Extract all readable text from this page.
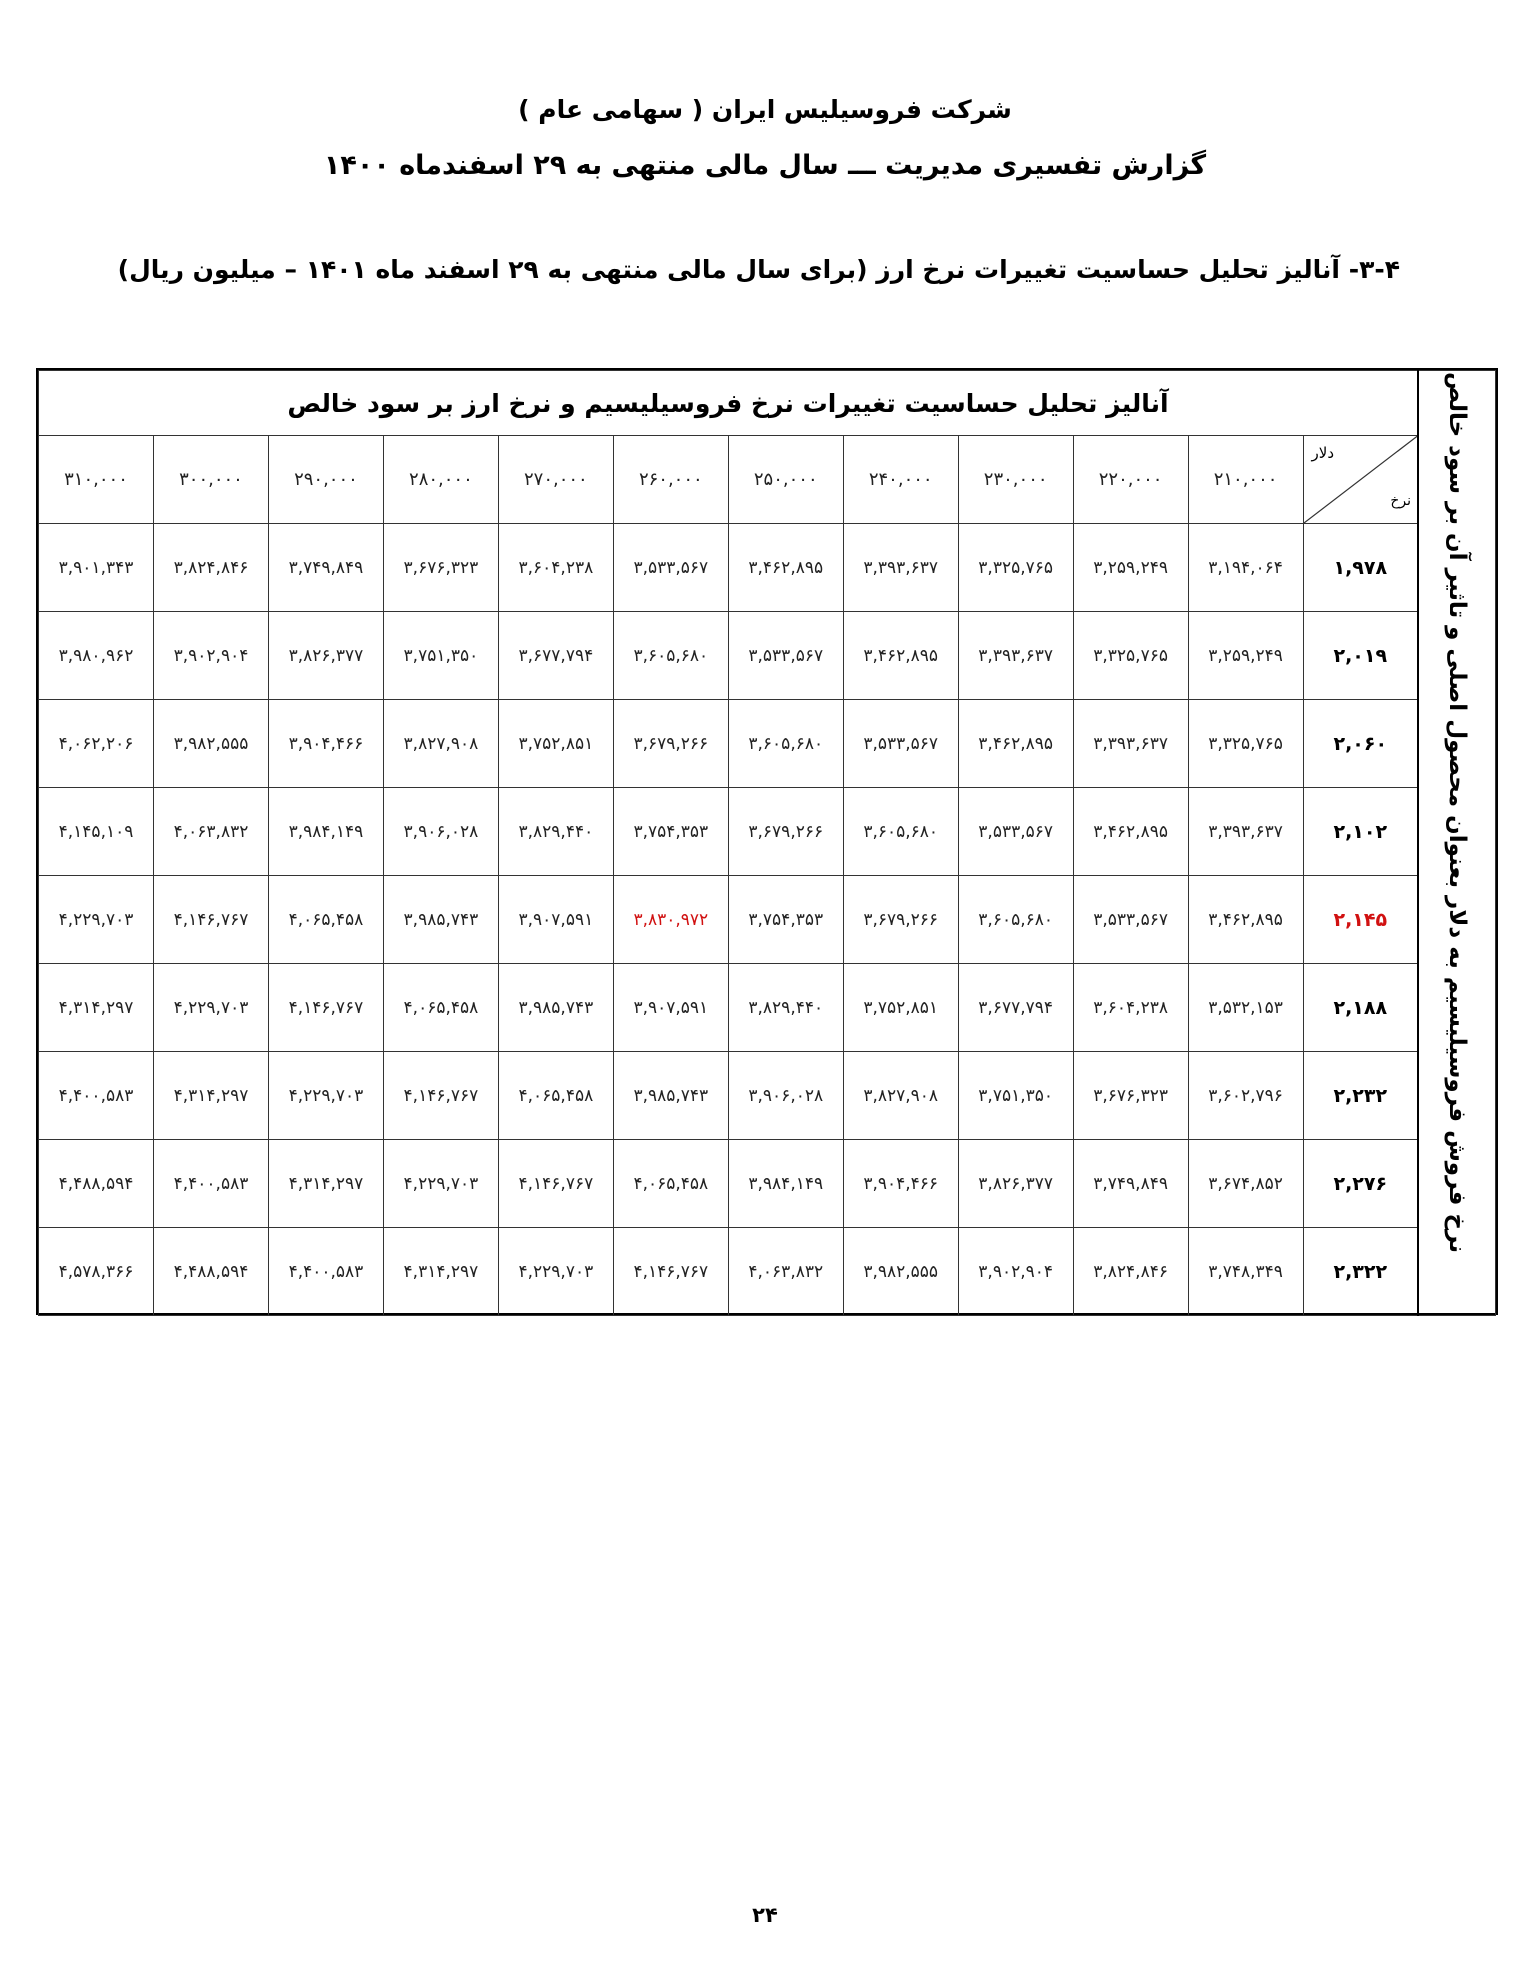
شرکت فروسیلیس ایران ( سهامی عام )
گزارش تفسیری مدیریت ـــ سال مالی منتهی به ۲۹ اسفندماه ۱۴۰۰
۳-۴- آنالیز تحلیل حساسیت تغییرات نرخ ارز (برای سال مالی منتهی به ۲۹ اسفند ماه ۱۴۰۱ – میلیون ریال)
نرخ فروش فروسیلیسیم به دلار بعنوان محصول اصلی و تاثیر آن بر سود خالص	آنالیز تحلیل حساسیت تغییرات نرخ فروسیلیسیم و نرخ ارز بر سود خالص											

	دلار
نرخ	۲۱۰,۰۰۰	۲۲۰,۰۰۰	۲۳۰,۰۰۰	۲۴۰,۰۰۰	۲۵۰,۰۰۰	۲۶۰,۰۰۰	۲۷۰,۰۰۰	۲۸۰,۰۰۰	۲۹۰,۰۰۰	۳۰۰,۰۰۰	۳۱۰,۰۰۰
	۱,۹۷۸	۳,۱۹۴,۰۶۴	۳,۲۵۹,۲۴۹	۳,۳۲۵,۷۶۵	۳,۳۹۳,۶۳۷	۳,۴۶۲,۸۹۵	۳,۵۳۳,۵۶۷	۳,۶۰۴,۲۳۸	۳,۶۷۶,۳۲۳	۳,۷۴۹,۸۴۹	۳,۸۲۴,۸۴۶	۳,۹۰۱,۳۴۳
	۲,۰۱۹	۳,۲۵۹,۲۴۹	۳,۳۲۵,۷۶۵	۳,۳۹۳,۶۳۷	۳,۴۶۲,۸۹۵	۳,۵۳۳,۵۶۷	۳,۶۰۵,۶۸۰	۳,۶۷۷,۷۹۴	۳,۷۵۱,۳۵۰	۳,۸۲۶,۳۷۷	۳,۹۰۲,۹۰۴	۳,۹۸۰,۹۶۲
	۲,۰۶۰	۳,۳۲۵,۷۶۵	۳,۳۹۳,۶۳۷	۳,۴۶۲,۸۹۵	۳,۵۳۳,۵۶۷	۳,۶۰۵,۶۸۰	۳,۶۷۹,۲۶۶	۳,۷۵۲,۸۵۱	۳,۸۲۷,۹۰۸	۳,۹۰۴,۴۶۶	۳,۹۸۲,۵۵۵	۴,۰۶۲,۲۰۶
	۲,۱۰۲	۳,۳۹۳,۶۳۷	۳,۴۶۲,۸۹۵	۳,۵۳۳,۵۶۷	۳,۶۰۵,۶۸۰	۳,۶۷۹,۲۶۶	۳,۷۵۴,۳۵۳	۳,۸۲۹,۴۴۰	۳,۹۰۶,۰۲۸	۳,۹۸۴,۱۴۹	۴,۰۶۳,۸۳۲	۴,۱۴۵,۱۰۹
	۲,۱۴۵	۳,۴۶۲,۸۹۵	۳,۵۳۳,۵۶۷	۳,۶۰۵,۶۸۰	۳,۶۷۹,۲۶۶	۳,۷۵۴,۳۵۳	۳,۸۳۰,۹۷۲	۳,۹۰۷,۵۹۱	۳,۹۸۵,۷۴۳	۴,۰۶۵,۴۵۸	۴,۱۴۶,۷۶۷	۴,۲۲۹,۷۰۳
	۲,۱۸۸	۳,۵۳۲,۱۵۳	۳,۶۰۴,۲۳۸	۳,۶۷۷,۷۹۴	۳,۷۵۲,۸۵۱	۳,۸۲۹,۴۴۰	۳,۹۰۷,۵۹۱	۳,۹۸۵,۷۴۳	۴,۰۶۵,۴۵۸	۴,۱۴۶,۷۶۷	۴,۲۲۹,۷۰۳	۴,۳۱۴,۲۹۷
	۲,۲۳۲	۳,۶۰۲,۷۹۶	۳,۶۷۶,۳۲۳	۳,۷۵۱,۳۵۰	۳,۸۲۷,۹۰۸	۳,۹۰۶,۰۲۸	۳,۹۸۵,۷۴۳	۴,۰۶۵,۴۵۸	۴,۱۴۶,۷۶۷	۴,۲۲۹,۷۰۳	۴,۳۱۴,۲۹۷	۴,۴۰۰,۵۸۳
	۲,۲۷۶	۳,۶۷۴,۸۵۲	۳,۷۴۹,۸۴۹	۳,۸۲۶,۳۷۷	۳,۹۰۴,۴۶۶	۳,۹۸۴,۱۴۹	۴,۰۶۵,۴۵۸	۴,۱۴۶,۷۶۷	۴,۲۲۹,۷۰۳	۴,۳۱۴,۲۹۷	۴,۴۰۰,۵۸۳	۴,۴۸۸,۵۹۴
	۲,۳۲۲	۳,۷۴۸,۳۴۹	۳,۸۲۴,۸۴۶	۳,۹۰۲,۹۰۴	۳,۹۸۲,۵۵۵	۴,۰۶۳,۸۳۲	۴,۱۴۶,۷۶۷	۴,۲۲۹,۷۰۳	۴,۳۱۴,۲۹۷	۴,۴۰۰,۵۸۳	۴,۴۸۸,۵۹۴	۴,۵۷۸,۳۶۶
۲۴
